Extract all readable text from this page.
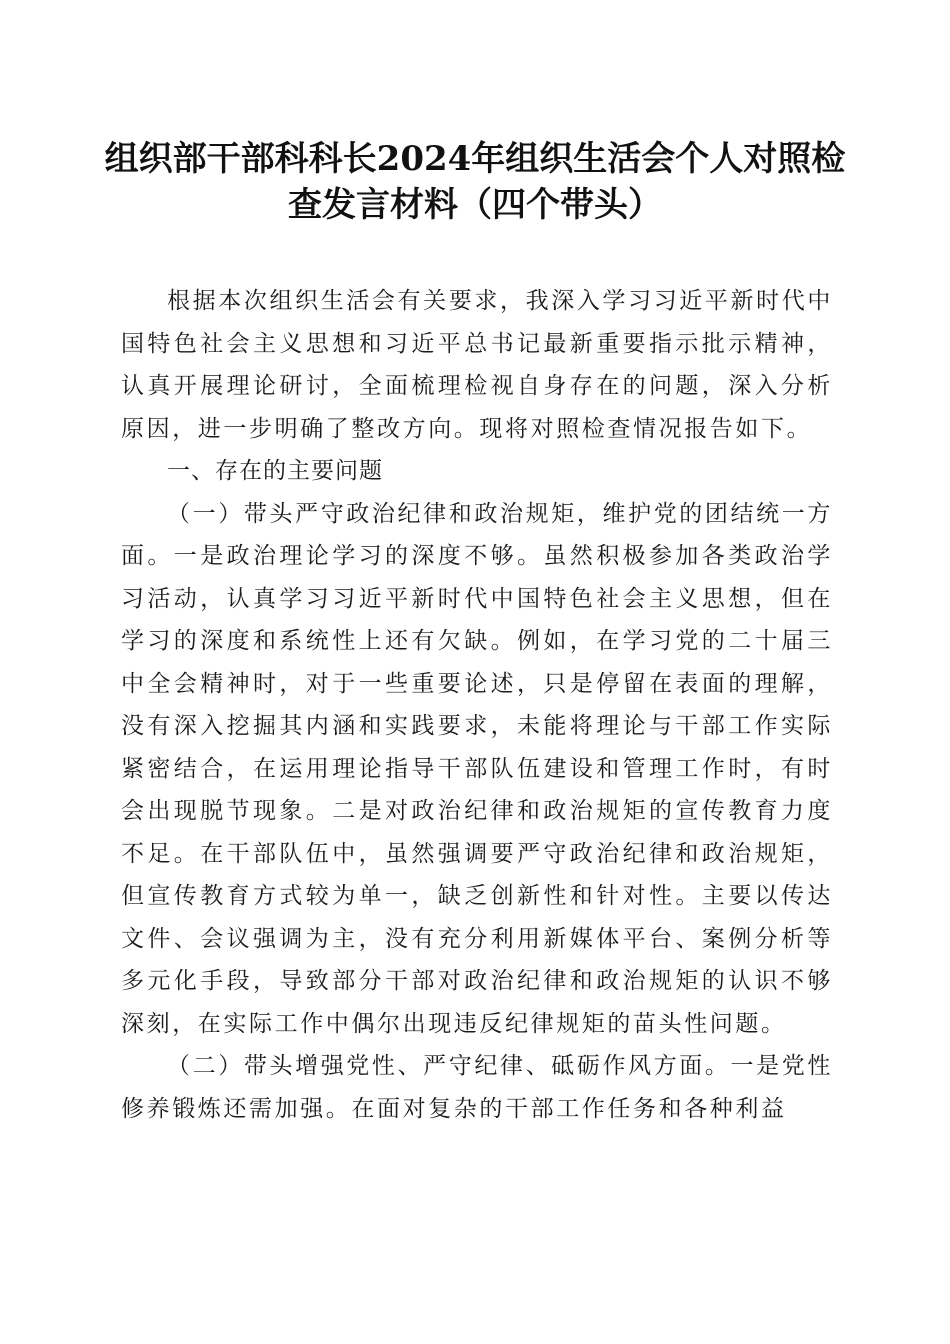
组织部干部科科长2024年组织生活会个人对照检查发言材料（四个带头）

根据本次组织生活会有关要求，我深入学习习近平新时代中国特色社会主义思想和习近平总书记最新重要指示批示精神，认真开展理论研讨，全面梳理检视自身存在的问题，深入分析原因，进一步明确了整改方向。现将对照检查情况报告如下。

一、存在的主要问题

（一）带头严守政治纪律和政治规矩，维护党的团结统一方面。一是政治理论学习的深度不够。虽然积极参加各类政治学习活动，认真学习习近平新时代中国特色社会主义思想，但在学习的深度和系统性上还有欠缺。例如，在学习党的二十届三中全会精神时，对于一些重要论述，只是停留在表面的理解，没有深入挖掘其内涵和实践要求，未能将理论与干部工作实际紧密结合，在运用理论指导干部队伍建设和管理工作时，有时会出现脱节现象。二是对政治纪律和政治规矩的宣传教育力度不足。在干部队伍中，虽然强调要严守政治纪律和政治规矩，但宣传教育方式较为单一，缺乏创新性和针对性。主要以传达文件、会议强调为主，没有充分利用新媒体平台、案例分析等多元化手段，导致部分干部对政治纪律和政治规矩的认识不够深刻，在实际工作中偶尔出现违反纪律规矩的苗头性问题。

（二）带头增强党性、严守纪律、砥砺作风方面。一是党性修养锻炼还需加强。在面对复杂的干部工作任务和各种利益
